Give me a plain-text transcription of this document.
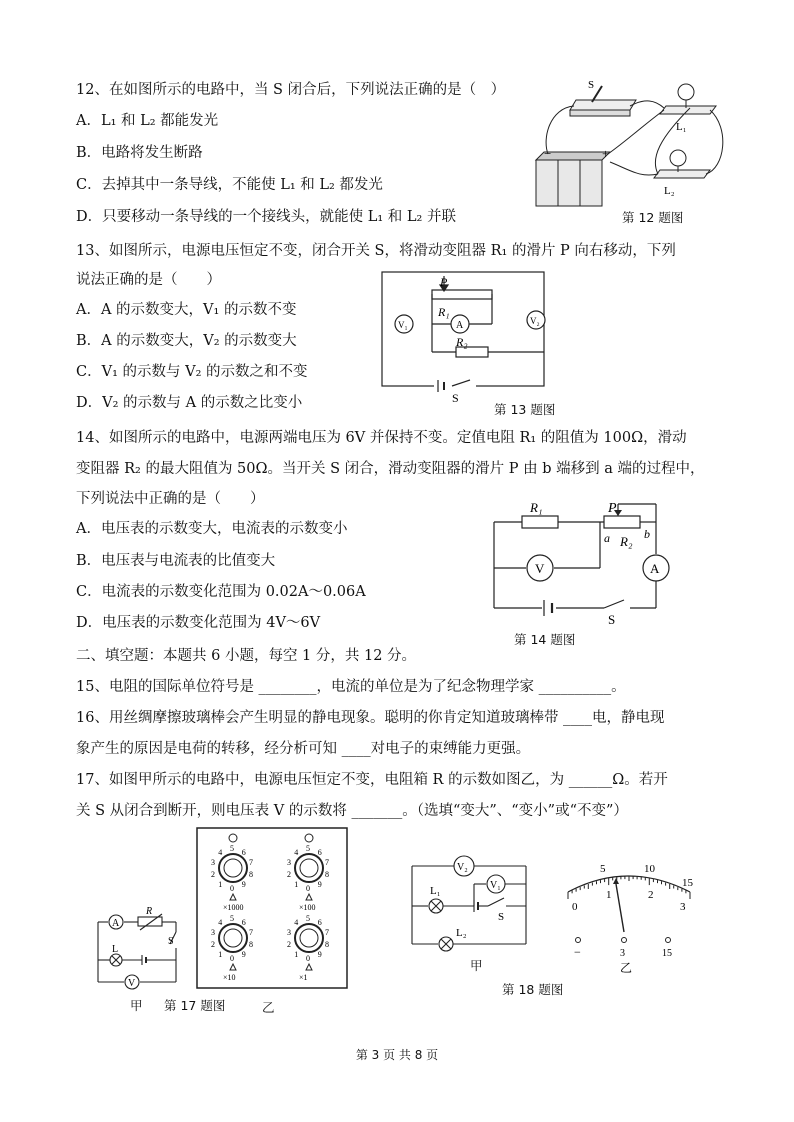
12、在如图所示的电路中，当 S 闭合后，下列说法正确的是（　）
A．L₁ 和 L₂ 都能发光
B．电路将发生断路
C．去掉其中一条导线，不能使 L₁ 和 L₂ 都发光
D．只要移动一条导线的一个接线头，就能使 L₁ 和 L₂ 并联
S
L₁
L₂
+
−
第 12 题图
13、如图所示，电源电压恒定不变，闭合开关 S，将滑动变阻器 R₁ 的滑片 P 向右移动，下列
说法正确的是（　　）
A．A 的示数变大，V₁ 的示数不变
B．A 的示数变大，V₂ 的示数变大
C．V₁ 的示数与 V₂ 的示数之和不变
D．V₂ 的示数与 A 的示数之比变小
P
R₁
R₂
A
V₁	V₂
S
第 13 题图
14、如图所示的电路中，电源两端电压为 6V 并保持不变。定值电阻 R₁ 的阻值为 100Ω，滑动
变阻器 R₂ 的最大阻值为 50Ω。当开关 S 闭合，滑动变阻器的滑片 P 由 b 端移到 a 端的过程中，
下列说法中正确的是（　　）
A．电压表的示数变大，电流表的示数变小
B．电压表与电流表的比值变大
C．电流表的示数变化范围为 0.02A～0.06A
D．电压表的示数变化范围为 4V～6V
R₁	P
a R₂ b
V	A
S
第 14 题图
二、填空题：本题共 6 小题，每空 1 分，共 12 分。
15、电阻的国际单位符号是 ________，电流的单位是为了纪念物理学家 __________。
16、用丝绸摩擦玻璃棒会产生明显的静电现象。聪明的你肯定知道玻璃棒带 ____电，静电现
象产生的原因是电荷的转移，经分析可知 ____对电子的束缚能力更强。
17、如图甲所示的电路中，电源电压恒定不变，电阻箱 R 的示数如图乙，为 ______Ω。若开
关 S 从闭合到断开，则电压表 V 的示数将 _______。（选填“变大”、“变小”或“不变”）
A
R
S
L
V
甲 第 17 题图	乙
0
1
2
3
4 5 6
7
8
9
×1000
0
1
2
3
4 5 6
7
8
9
×100
0
1
2
3
4 5 6
7
8
9
×10
0
1
2
3
4 5 6
7
8
9
×1
V₂
V₁
L₁
L₂
S
甲
第 18 题图
5	10
15
0
1	2
3
−	3	15
乙
第 3 页 共 8 页
